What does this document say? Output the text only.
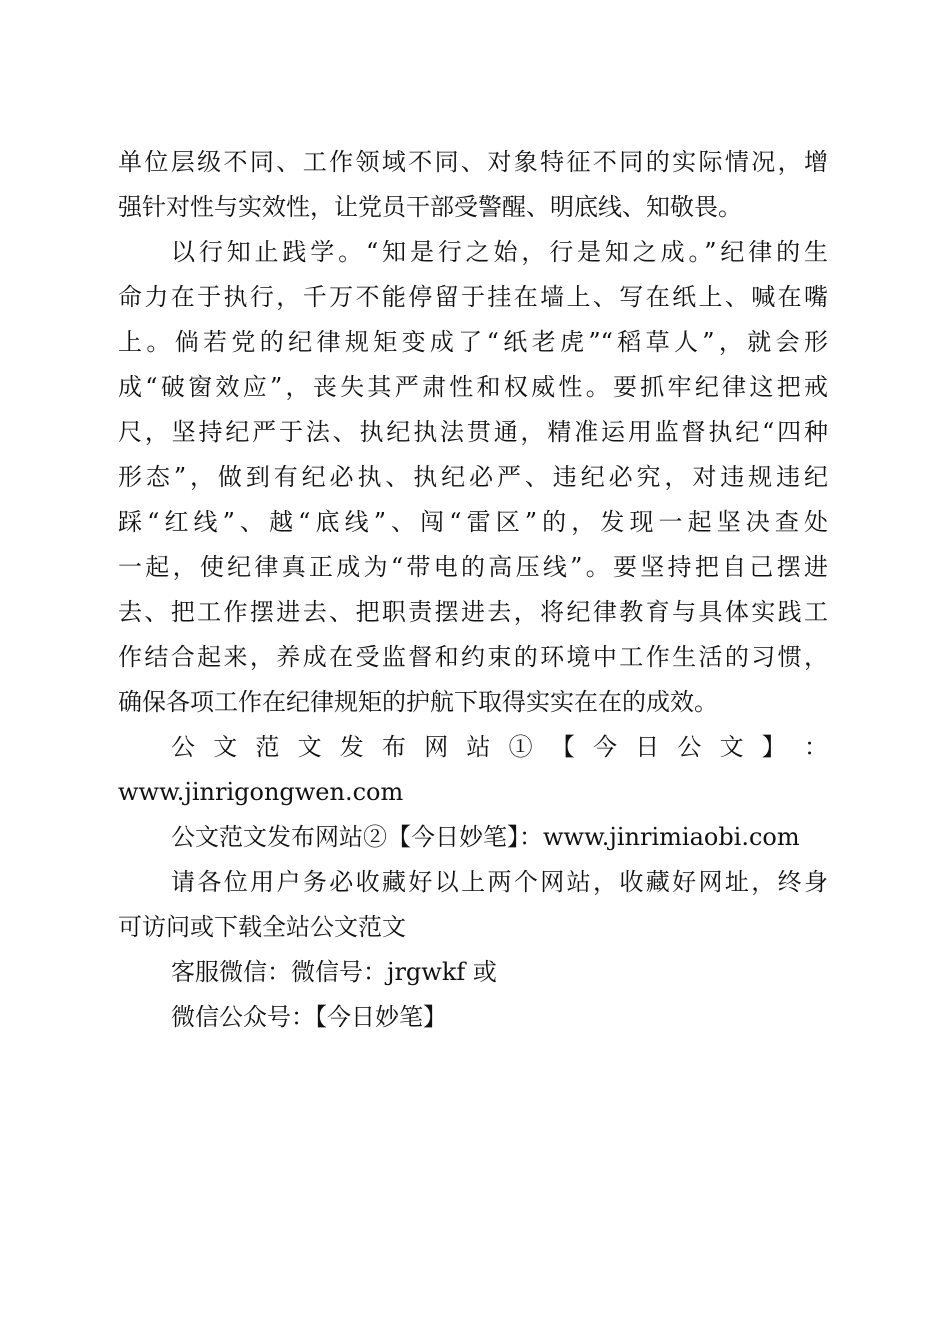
单位层级不同、工作领域不同、对象特征不同的实际情况，增
强针对性与实效性，让党员干部受警醒、明底线、知敬畏。
以行知止践学。“知是行之始，行是知之成。”纪律的生
命力在于执行，千万不能停留于挂在墙上、写在纸上、喊在嘴
上。倘若党的纪律规矩变成了“纸老虎”“稻草人”，就会形
成“破窗效应”，丧失其严肃性和权威性。要抓牢纪律这把戒
尺，坚持纪严于法、执纪执法贯通，精准运用监督执纪“四种
形态”，做到有纪必执、执纪必严、违纪必究，对违规违纪
踩“红线”、越“底线”、闯“雷区”的，发现一起坚决查处
一起，使纪律真正成为“带电的高压线”。要坚持把自己摆进
去、把工作摆进去、把职责摆进去，将纪律教育与具体实践工
作结合起来，养成在受监督和约束的环境中工作生活的习惯，
确保各项工作在纪律规矩的护航下取得实实在在的成效。
公 文 范 文 发 布 网 站 ① 【 今 日 公 文 】 ：
www.jinrigongwen.com
公文范文发布网站②【今日妙笔】：www.jinrimiaobi.com
请各位用户务必收藏好以上两个网站，收藏好网址，终身
可访问或下载全站公文范文
客服微信：微信号：jrgwkf 或
微信公众号：【今日妙笔】
